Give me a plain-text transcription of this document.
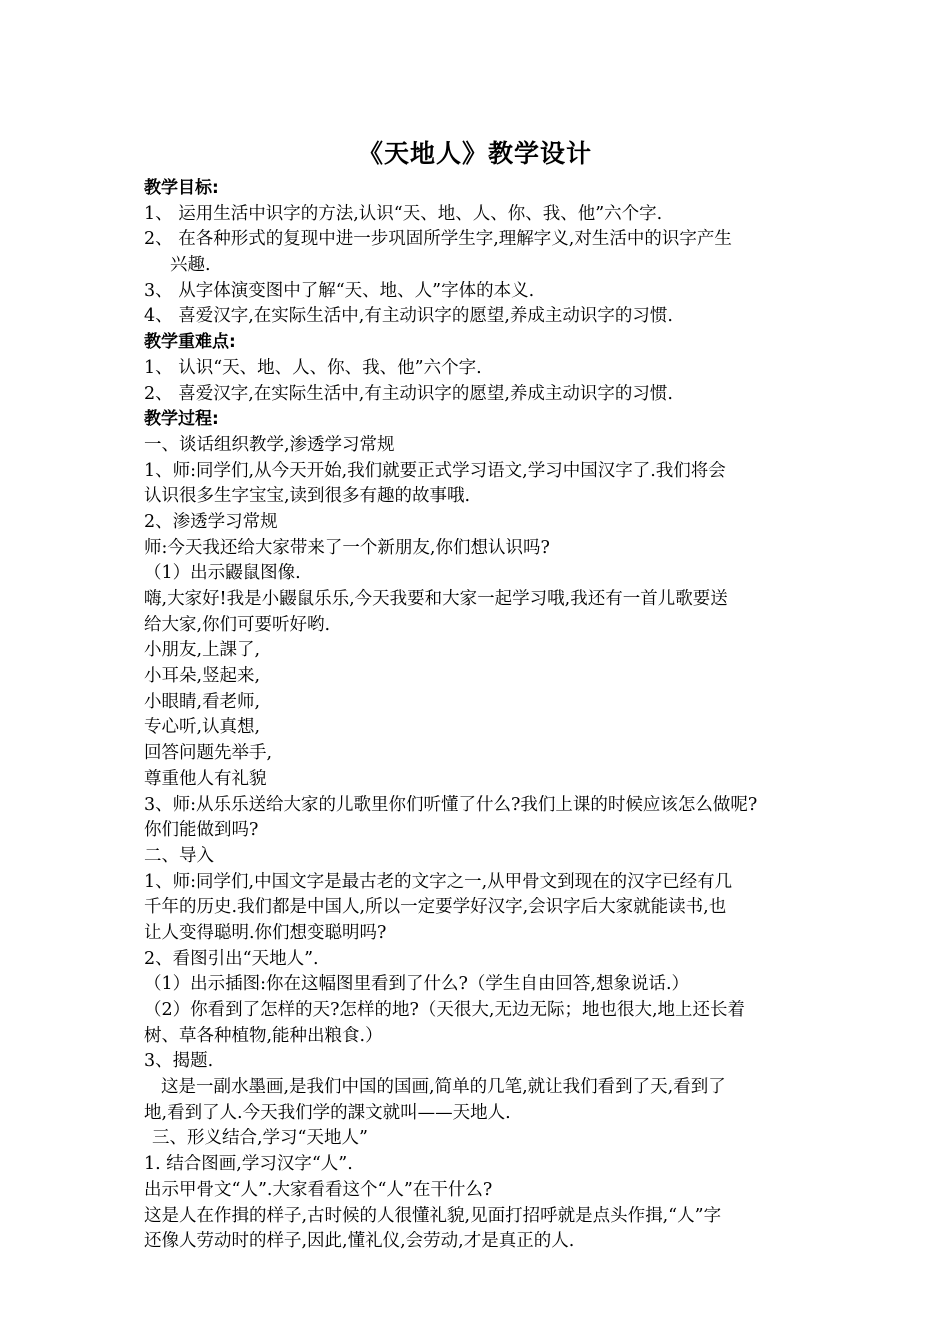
《天地人》教学设计
教学目标:
1、 运用生活中识字的方法,认识“天、地、人、你、我、他”六个字.
2、 在各种形式的复现中进一步巩固所学生字,理解字义,对生活中的识字产生
兴趣.
3、 从字体演变图中了解“天、地、人”字体的本义.
4、 喜爱汉字,在实际生活中,有主动识字的愿望,养成主动识字的习惯.
教学重难点:
1、 认识“天、地、人、你、我、他”六个字.
2、 喜爱汉字,在实际生活中,有主动识字的愿望,养成主动识字的习惯.
教学过程:
一、谈话组织教学,渗透学习常规
1、师:同学们,从今天开始,我们就要正式学习语文,学习中国汉字了.我们将会
认识很多生字宝宝,读到很多有趣的故事哦.
2、渗透学习常规
师:今天我还给大家带来了一个新朋友,你们想认识吗?
（1）出示鼹鼠图像.
嗨,大家好!我是小鼹鼠乐乐,今天我要和大家一起学习哦,我还有一首儿歌要送
给大家,你们可要听好哟.
小朋友,上課了,
小耳朵,竖起来,
小眼睛,看老师,
专心听,认真想,
回答问题先举手,
尊重他人有礼貌
3、师:从乐乐送给大家的儿歌里你们听懂了什么?我们上课的时候应该怎么做呢?
你们能做到吗?
二、导入
1、师:同学们,中国文字是最古老的文字之一,从甲骨文到现在的汉字已经有几
千年的历史.我们都是中国人,所以一定要学好汉字,会识字后大家就能读书,也
让人变得聪明.你们想变聪明吗?
2、看图引出“天地人”.
（1）出示插图:你在这幅图里看到了什么?（学生自由回答,想象说话.）
（2）你看到了怎样的天?怎样的地?（天很大,无边无际；地也很大,地上还长着
树、草各种植物,能种出粮食.）
3、揭题.
这是一副水墨画,是我们中国的国画,简单的几笔,就让我们看到了天,看到了
地,看到了人.今天我们学的課文就叫——天地人.
三、形义结合,学习“天地人”
1. 结合图画,学习汉字“人”.
出示甲骨文“人”.大家看看这个“人”在干什么?
这是人在作揖的样子,古时候的人很懂礼貌,见面打招呼就是点头作揖,“人”字
还像人劳动时的样子,因此,懂礼仪,会劳动,才是真正的人.
